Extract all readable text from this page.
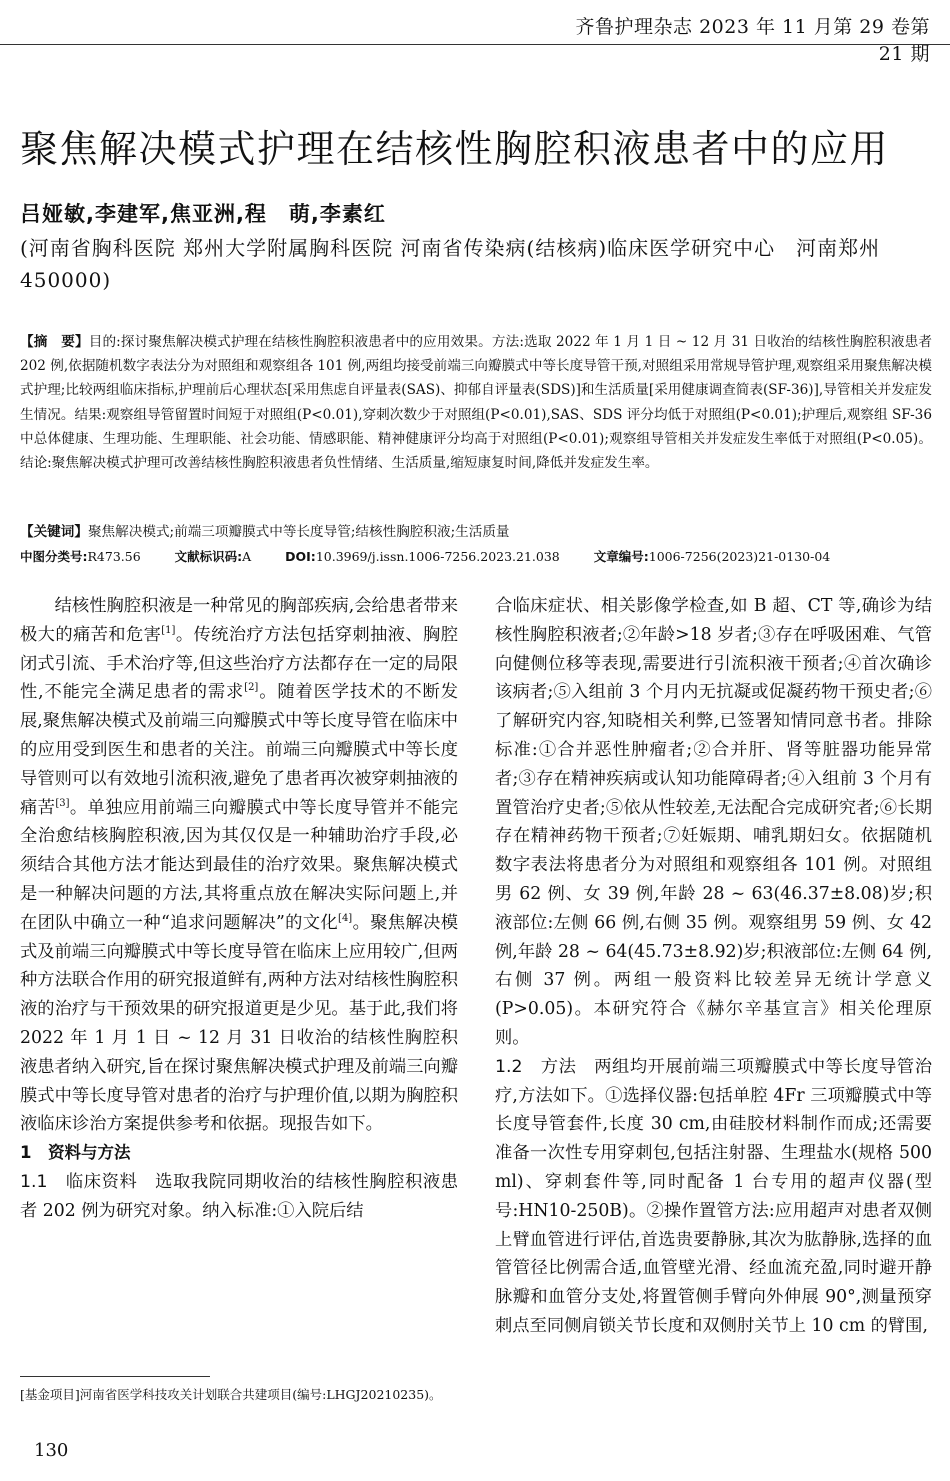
齐鲁护理杂志 2023 年 11 月第 29 卷第 21 期
聚焦解决模式护理在结核性胸腔积液患者中的应用
吕娅敏,李建军,焦亚洲,程　萌,李素红
(河南省胸科医院 郑州大学附属胸科医院 河南省传染病(结核病)临床医学研究中心　河南郑州 450000)
【摘　要】目的:探讨聚焦解决模式护理在结核性胸腔积液患者中的应用效果。方法:选取 2022 年 1 月 1 日 ~ 12 月 31 日收治的结核性胸腔积液患者 202 例,依据随机数字表法分为对照组和观察组各 101 例,两组均接受前端三向瓣膜式中等长度导管干预,对照组采用常规导管护理,观察组采用聚焦解决模式护理;比较两组临床指标,护理前后心理状态[采用焦虑自评量表(SAS)、抑郁自评量表(SDS)]和生活质量[采用健康调查简表(SF-36)],导管相关并发症发生情况。结果:观察组导管留置时间短于对照组(P<0.01),穿刺次数少于对照组(P<0.01),SAS、SDS 评分均低于对照组(P<0.01);护理后,观察组 SF-36 中总体健康、生理功能、生理职能、社会功能、情感职能、精神健康评分均高于对照组(P<0.01);观察组导管相关并发症发生率低于对照组(P<0.05)。结论:聚焦解决模式护理可改善结核性胸腔积液患者负性情绪、生活质量,缩短康复时间,降低并发症发生率。
【关键词】聚焦解决模式;前端三项瓣膜式中等长度导管;结核性胸腔积液;生活质量
中图分类号:R473.56	文献标识码:A	DOI:10.3969/j.issn.1006-7256.2023.21.038	文章编号:1006-7256(2023)21-0130-04

结核性胸腔积液是一种常见的胸部疾病,会给患者带来极大的痛苦和危害[1]。传统治疗方法包括穿刺抽液、胸腔闭式引流、手术治疗等,但这些治疗方法都存在一定的局限性,不能完全满足患者的需求[2]。随着医学技术的不断发展,聚焦解决模式及前端三向瓣膜式中等长度导管在临床中的应用受到医生和患者的关注。前端三向瓣膜式中等长度导管则可以有效地引流积液,避免了患者再次被穿刺抽液的痛苦[3]。单独应用前端三向瓣膜式中等长度导管并不能完全治愈结核胸腔积液,因为其仅仅是一种辅助治疗手段,必须结合其他方法才能达到最佳的治疗效果。聚焦解决模式是一种解决问题的方法,其将重点放在解决实际问题上,并在团队中确立一种“追求问题解决”的文化[4]。聚焦解决模式及前端三向瓣膜式中等长度导管在临床上应用较广,但两种方法联合作用的研究报道鲜有,两种方法对结核性胸腔积液的治疗与干预效果的研究报道更是少见。基于此,我们将 2022 年 1 月 1 日 ~ 12 月 31 日收治的结核性胸腔积液患者纳入研究,旨在探讨聚焦解决模式护理及前端三向瓣膜式中等长度导管对患者的治疗与护理价值,以期为胸腔积液临床诊治方案提供参考和依据。现报告如下。

1　资料与方法

1.1　临床资料　选取我院同期收治的结核性胸腔积液患者 202 例为研究对象。纳入标准:①入院后结

合临床症状、相关影像学检查,如 B 超、CT 等,确诊为结核性胸腔积液者;②年龄>18 岁者;③存在呼吸困难、气管向健侧位移等表现,需要进行引流积液干预者;④首次确诊该病者;⑤入组前 3 个月内无抗凝或促凝药物干预史者;⑥了解研究内容,知晓相关利弊,已签署知情同意书者。排除标准:①合并恶性肿瘤者;②合并肝、肾等脏器功能异常者;③存在精神疾病或认知功能障碍者;④入组前 3 个月有置管治疗史者;⑤依从性较差,无法配合完成研究者;⑥长期存在精神药物干预者;⑦妊娠期、哺乳期妇女。依据随机数字表法将患者分为对照组和观察组各 101 例。对照组男 62 例、女 39 例,年龄 28 ~ 63(46.37±8.08)岁;积液部位:左侧 66 例,右侧 35 例。观察组男 59 例、女 42 例,年龄 28 ~ 64(45.73±8.92)岁;积液部位:左侧 64 例,右侧 37 例。两组一般资料比较差异无统计学意义(P>0.05)。本研究符合《赫尔辛基宣言》相关伦理原则。

1.2　方法　两组均开展前端三项瓣膜式中等长度导管治疗,方法如下。①选择仪器:包括单腔 4Fr 三项瓣膜式中等长度导管套件,长度 30 cm,由硅胶材料制作而成;还需要准备一次性专用穿刺包,包括注射器、生理盐水(规格 500 ml)、穿刺套件等,同时配备 1 台专用的超声仪器(型号:HN10-250B)。②操作置管方法:应用超声对患者双侧上臂血管进行评估,首选贵要静脉,其次为肱静脉,选择的血管管径比例需合适,血管壁光滑、经血流充盈,同时避开静脉瓣和血管分支处,将置管侧手臂向外伸展 90°,测量预穿刺点至同侧肩锁关节长度和双侧肘关节上 10 cm 的臂围,

[基金项目]河南省医学科技攻关计划联合共建项目(编号:LHGJ20210235)。
130
